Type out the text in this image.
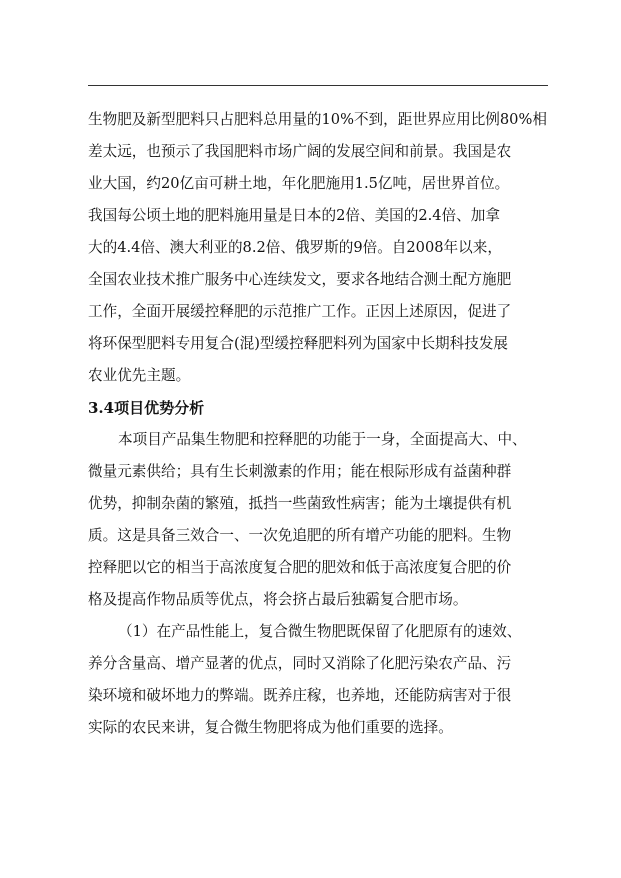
生物肥及新型肥料只占肥料总用量的10%不到，距世界应用比例80%相
差太远，也预示了我国肥料市场广阔的发展空间和前景。我国是农
业大国，约20亿亩可耕土地，年化肥施用1.5亿吨，居世界首位。
我国每公顷土地的肥料施用量是日本的2倍、美国的2.4倍、加拿
大的4.4倍、澳大利亚的8.2倍、俄罗斯的9倍。自2008年以来，
全国农业技术推广服务中心连续发文，要求各地结合测土配方施肥
工作，全面开展缓控释肥的示范推广工作。正因上述原因，促进了
将环保型肥料专用复合(混)型缓控释肥料列为国家中长期科技发展
农业优先主题。
3.4项目优势分析
本项目产品集生物肥和控释肥的功能于一身，全面提高大、中、
微量元素供给；具有生长刺激素的作用；能在根际形成有益菌种群
优势，抑制杂菌的繁殖，抵挡一些菌致性病害；能为土壤提供有机
质。这是具备三效合一、一次免追肥的所有增产功能的肥料。生物
控释肥以它的相当于高浓度复合肥的肥效和低于高浓度复合肥的价
格及提高作物品质等优点，将会挤占最后独霸复合肥市场。
（1）在产品性能上，复合微生物肥既保留了化肥原有的速效、
养分含量高、增产显著的优点，同时又消除了化肥污染农产品、污
染环境和破坏地力的弊端。既养庄稼，也养地，还能防病害对于很
实际的农民来讲，复合微生物肥将成为他们重要的选择。
